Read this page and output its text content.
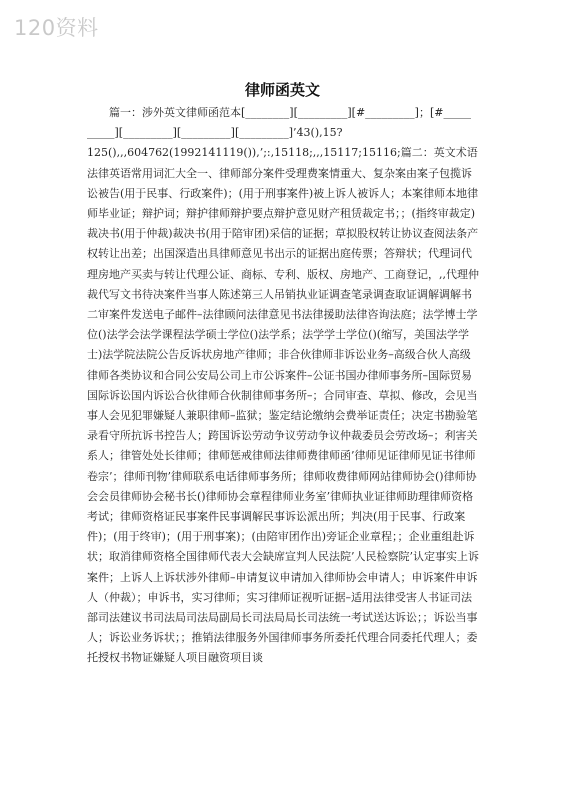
120资料
律师函英文

篇一：涉外英文律师函范本[________][_________][#_________]；[#_____ _____][_________][_________][_________]’43(),15?

125(),,,604762(1992141119()),’;:,15118;,,,15117;15116;篇二：英文术语法律英语常用词汇大全一、律师部分案件受理费案情重大、复杂案由案子包揽诉讼被告(用于民事、行政案件)；(用于刑事案件)被上诉人被诉人；本案律师本地律师毕业证；辩护词；辩护律师辩护要点辩护意见财产租赁裁定书；；(指终审裁定)裁决书(用于仲裁)裁决书(用于陪审团)采信的证据；草拟股权转让协议查阅法条产权转让出差；出国深造出具律师意见书出示的证据出庭传票；答辩状；代理词代理房地产买卖与转让代理公证、商标、专利、版权、房地产、工商登记，,,代理仲裁代写文书待决案件当事人陈述第三人吊销执业证调查笔录调查取证调解调解书二审案件发送电子邮件–法律顾问法律意见书法律援助法律咨询法庭；法学博士学位()法学会法学课程法学硕士学位()法学系；法学学士学位()(缩写，美国法学学士)法学院法院公告反诉状房地产律师；非合伙律师非诉讼业务–高级合伙人高级律师各类协议和合同公安局公司上市公诉案件–公证书国办律师事务所–国际贸易国际诉讼国内诉讼合伙律师合伙制律师事务所–；合同审查、草拟、修改，会见当事人会见犯罪嫌疑人兼职律师–监狱；鉴定结论缴纳会费举证责任；决定书勘验笔录看守所抗诉书控告人；跨国诉讼劳动争议劳动争议仲裁委员会劳改场–；利害关系人；律管处处长律师；律师惩戒律师法律师费律师函’律师见证律师见证书律师卷宗’；律师刊物’律师联系电话律师事务所；律师收费律师网站律师协会()律师协会会员律师协会秘书长()律师协会章程律师业务室’律师执业证律师助理律师资格考试；律师资格证民事案件民事调解民事诉讼派出所；判决(用于民事、行政案件)；(用于终审)；(用于刑事案)；(由陪审团作出)旁证企业章程；；企业重组赴诉状；取消律师资格全国律师代表大会缺席宣判人民法院’人民检察院’认定事实上诉案件；上诉人上诉状涉外律师–申请复议申请加入律师协会申请人；申诉案件申诉人（仲裁）；申诉书，实习律师；实习律师证视听证据–适用法律受害人书证司法部司法建议书司法局司法局副局长司法局局长司法统一考试送达诉讼；；诉讼当事人；诉讼业务诉状；；推销法律服务外国律师事务所委托代理合同委托代理人；委托授权书物证嫌疑人项目融资项目谈
